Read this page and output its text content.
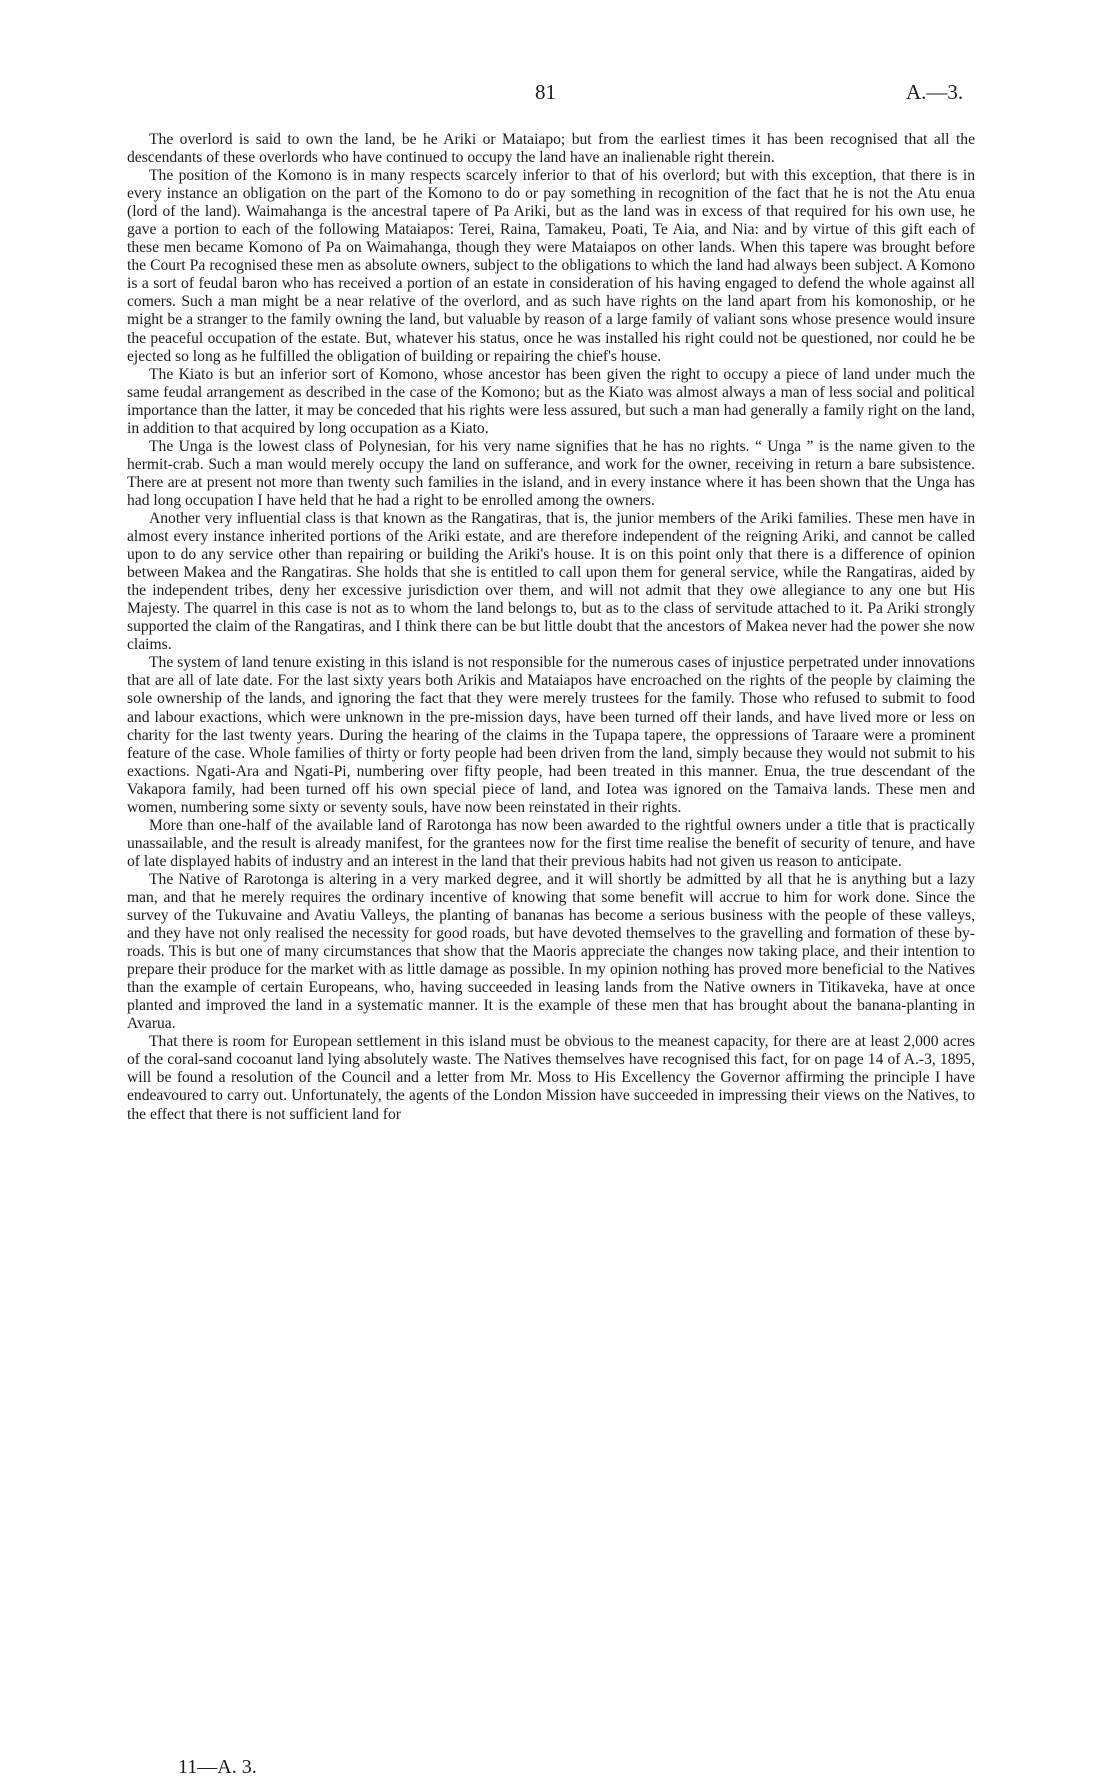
81	A.—3.

The overlord is said to own the land, be he Ariki or Mataiapo; but from the earliest times it has been recognised that all the descendants of these overlords who have continued to occupy the land have an inalienable right therein.

The position of the Komono is in many respects scarcely inferior to that of his overlord; but with this exception, that there is in every instance an obligation on the part of the Komono to do or pay something in recognition of the fact that he is not the Atu enua (lord of the land). Waimahanga is the ancestral tapere of Pa Ariki, but as the land was in excess of that required for his own use, he gave a portion to each of the following Mataiapos: Terei, Raina, Tamakeu, Poati, Te Aia, and Nia: and by virtue of this gift each of these men became Komono of Pa on Waimahanga, though they were Mataiapos on other lands. When this tapere was brought before the Court Pa recognised these men as absolute owners, subject to the obligations to which the land had always been subject. A Komono is a sort of feudal baron who has received a portion of an estate in consideration of his having engaged to defend the whole against all comers. Such a man might be a near relative of the overlord, and as such have rights on the land apart from his komonoship, or he might be a stranger to the family owning the land, but valuable by reason of a large family of valiant sons whose presence would insure the peaceful occupation of the estate. But, whatever his status, once he was installed his right could not be questioned, nor could he be ejected so long as he fulfilled the obligation of building or repairing the chief's house.

The Kiato is but an inferior sort of Komono, whose ancestor has been given the right to occupy a piece of land under much the same feudal arrangement as described in the case of the Komono; but as the Kiato was almost always a man of less social and political importance than the latter, it may be conceded that his rights were less assured, but such a man had generally a family right on the land, in addition to that acquired by long occupation as a Kiato.

The Unga is the lowest class of Polynesian, for his very name signifies that he has no rights. “ Unga ” is the name given to the hermit-crab. Such a man would merely occupy the land on sufferance, and work for the owner, receiving in return a bare subsistence. There are at present not more than twenty such families in the island, and in every instance where it has been shown that the Unga has had long occupation I have held that he had a right to be enrolled among the owners.

Another very influential class is that known as the Rangatiras, that is, the junior members of the Ariki families. These men have in almost every instance inherited portions of the Ariki estate, and are therefore independent of the reigning Ariki, and cannot be called upon to do any service other than repairing or building the Ariki's house. It is on this point only that there is a difference of opinion between Makea and the Rangatiras. She holds that she is entitled to call upon them for general service, while the Rangatiras, aided by the independent tribes, deny her excessive jurisdiction over them, and will not admit that they owe allegiance to any one but His Majesty. The quarrel in this case is not as to whom the land belongs to, but as to the class of servitude attached to it. Pa Ariki strongly supported the claim of the Rangatiras, and I think there can be but little doubt that the ancestors of Makea never had the power she now claims.

The system of land tenure existing in this island is not responsible for the numerous cases of injustice perpetrated under innovations that are all of late date. For the last sixty years both Arikis and Mataiapos have encroached on the rights of the people by claiming the sole ownership of the lands, and ignoring the fact that they were merely trustees for the family. Those who refused to submit to food and labour exactions, which were unknown in the pre-mission days, have been turned off their lands, and have lived more or less on charity for the last twenty years. During the hearing of the claims in the Tupapa tapere, the oppressions of Taraare were a prominent feature of the case. Whole families of thirty or forty people had been driven from the land, simply because they would not submit to his exactions. Ngati-Ara and Ngati-Pi, numbering over fifty people, had been treated in this manner. Enua, the true descendant of the Vakapora family, had been turned off his own special piece of land, and Iotea was ignored on the Tamaiva lands. These men and women, numbering some sixty or seventy souls, have now been reinstated in their rights.

More than one-half of the available land of Rarotonga has now been awarded to the rightful owners under a title that is practically unassailable, and the result is already manifest, for the grantees now for the first time realise the benefit of security of tenure, and have of late displayed habits of industry and an interest in the land that their previous habits had not given us reason to anticipate.

The Native of Rarotonga is altering in a very marked degree, and it will shortly be admitted by all that he is anything but a lazy man, and that he merely requires the ordinary incentive of knowing that some benefit will accrue to him for work done. Since the survey of the Tukuvaine and Avatiu Valleys, the planting of bananas has become a serious business with the people of these valleys, and they have not only realised the necessity for good roads, but have devoted themselves to the gravelling and formation of these by-roads. This is but one of many circumstances that show that the Maoris appreciate the changes now taking place, and their intention to prepare their produce for the market with as little damage as possible. In my opinion nothing has proved more beneficial to the Natives than the example of certain Europeans, who, having succeeded in leasing lands from the Native owners in Titikaveka, have at once planted and improved the land in a systematic manner. It is the example of these men that has brought about the banana-planting in Avarua.

That there is room for European settlement in this island must be obvious to the meanest capacity, for there are at least 2,000 acres of the coral-sand cocoanut land lying absolutely waste. The Natives themselves have recognised this fact, for on page 14 of A.-3, 1895, will be found a resolution of the Council and a letter from Mr. Moss to His Excellency the Governor affirming the principle I have endeavoured to carry out. Unfortunately, the agents of the London Mission have succeeded in impressing their views on the Natives, to the effect that there is not sufficient land for

11—A. 3.
